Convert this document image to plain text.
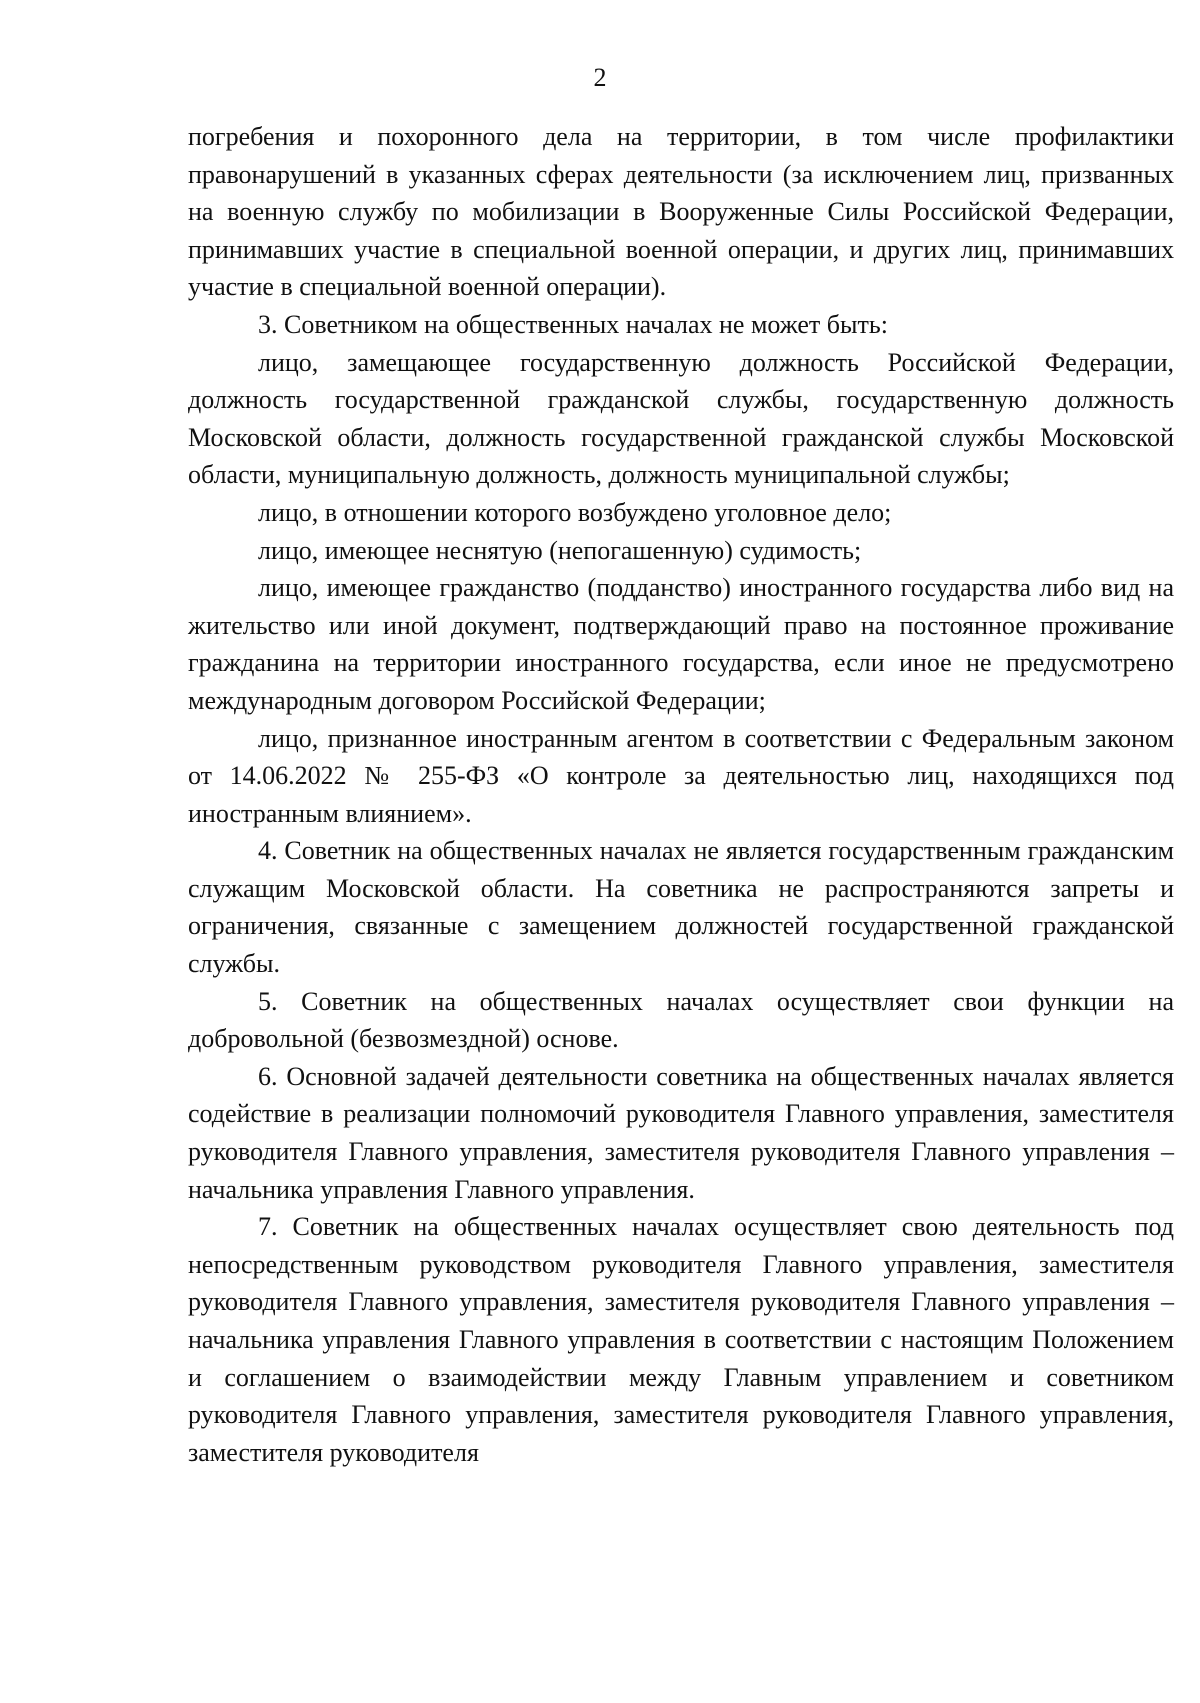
2

погребения и похоронного дела на территории, в том числе профилактики правонарушений в указанных сферах деятельности (за исключением лиц, призванных на военную службу по мобилизации в Вооруженные Силы Российской Федерации, принимавших участие в специальной военной операции, и других лиц, принимавших участие в специальной военной операции).

3. Советником на общественных началах не может быть:

лицо, замещающее государственную должность Российской Федерации, должность государственной гражданской службы, государственную должность Московской области, должность государственной гражданской службы Московской области, муниципальную должность, должность муниципальной службы;

лицо, в отношении которого возбуждено уголовное дело;

лицо, имеющее неснятую (непогашенную) судимость;

лицо, имеющее гражданство (подданство) иностранного государства либо вид на жительство или иной документ, подтверждающий право на постоянное проживание гражданина на территории иностранного государства, если иное не предусмотрено международным договором Российской Федерации;

лицо, признанное иностранным агентом в соответствии с Федеральным законом от 14.06.2022 № 255-ФЗ «О контроле за деятельностью лиц, находящихся под иностранным влиянием».

4. Советник на общественных началах не является государственным гражданским служащим Московской области. На советника не распространяются запреты и ограничения, связанные с замещением должностей государственной гражданской службы.

5. Советник на общественных началах осуществляет свои функции на добровольной (безвозмездной) основе.

6. Основной задачей деятельности советника на общественных началах является содействие в реализации полномочий руководителя Главного управления, заместителя руководителя Главного управления, заместителя руководителя Главного управления – начальника управления Главного управления.

7. Советник на общественных началах осуществляет свою деятельность под непосредственным руководством руководителя Главного управления, заместителя руководителя Главного управления, заместителя руководителя Главного управления – начальника управления Главного управления в соответствии с настоящим Положением и соглашением о взаимодействии между Главным управлением и советником руководителя Главного управления, заместителя руководителя Главного управления, заместителя руководителя
